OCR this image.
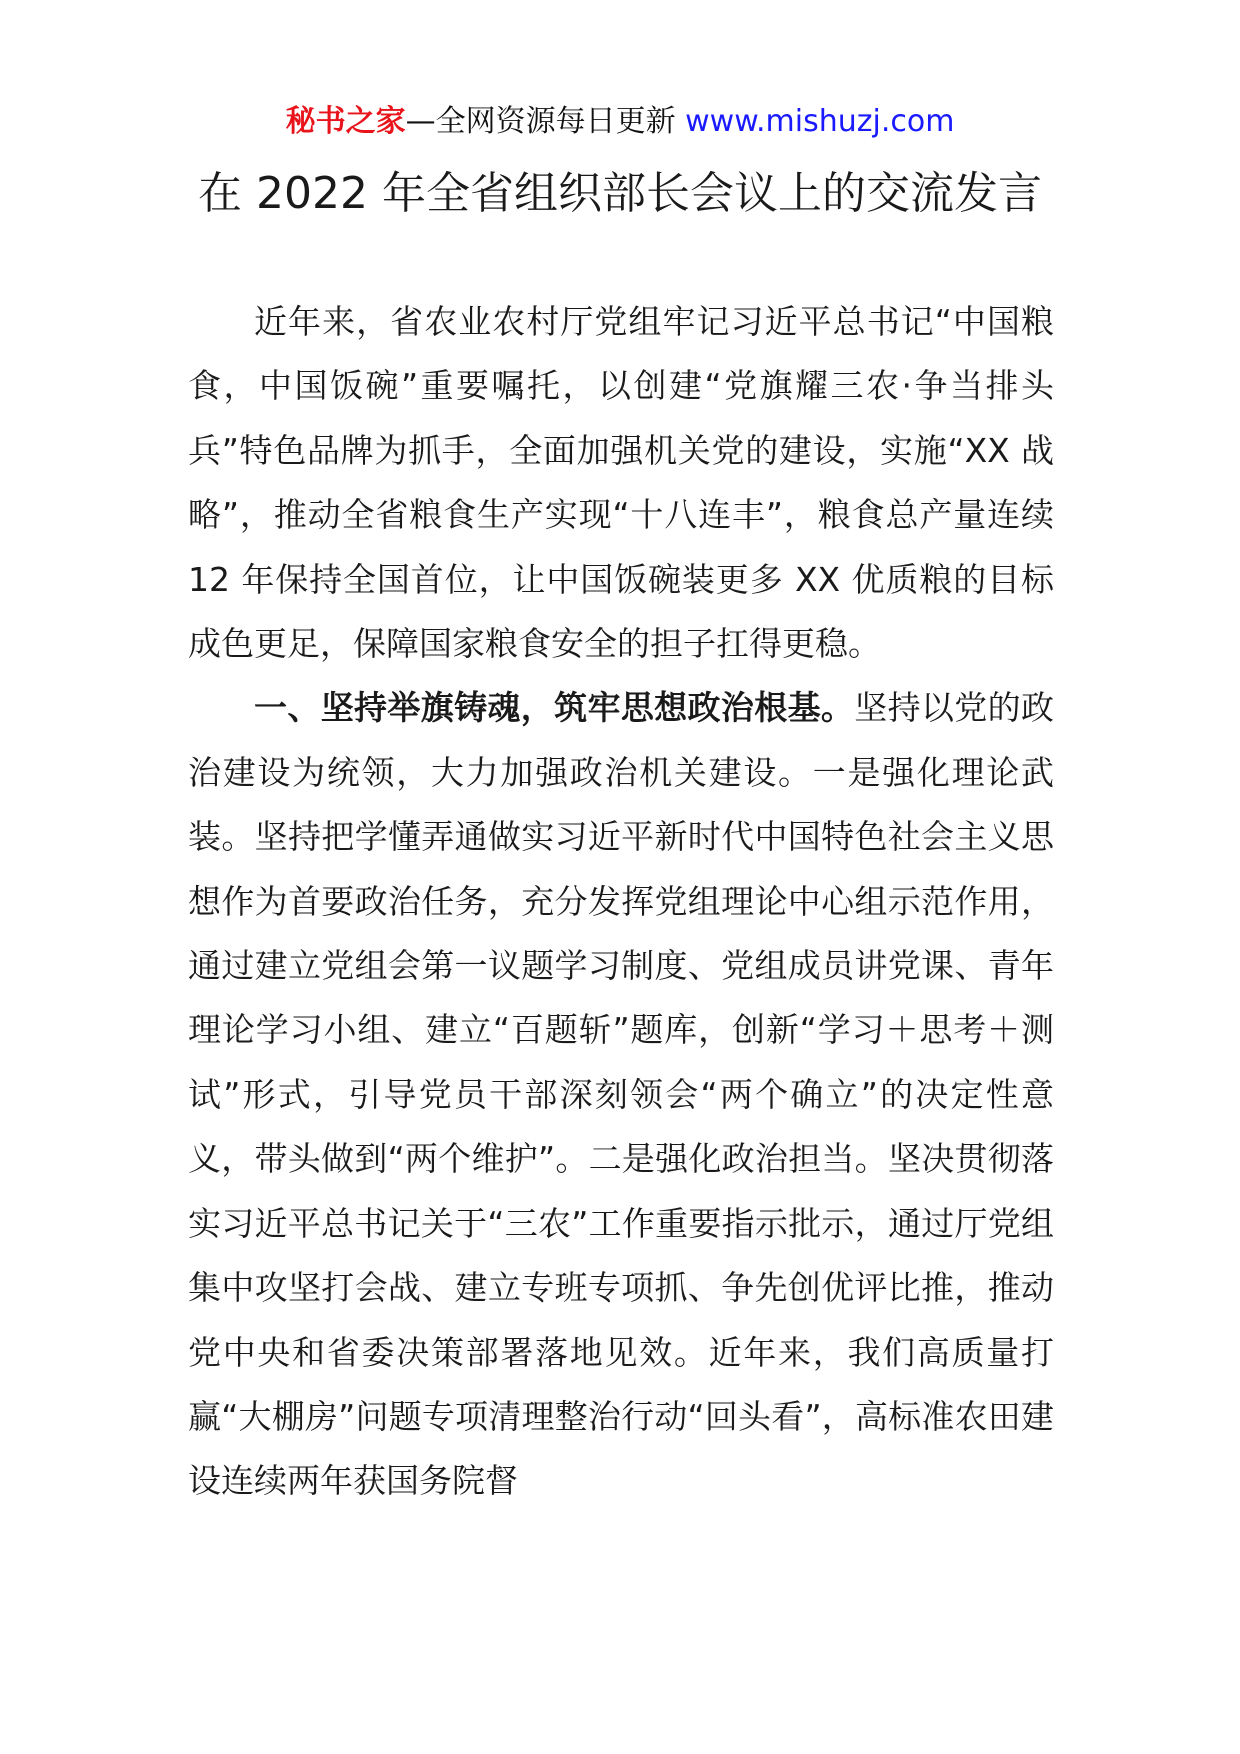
秘书之家—全网资源每日更新 www.mishuzj.com
在 2022 年全省组织部长会议上的交流发言

近年来，省农业农村厅党组牢记习近平总书记“中国粮食，中国饭碗”重要嘱托，以创建“党旗耀三农·争当排头兵”特色品牌为抓手，全面加强机关党的建设，实施“XX 战略”，推动全省粮食生产实现“十八连丰”，粮食总产量连续 12 年保持全国首位，让中国饭碗装更多 XX 优质粮的目标成色更足，保障国家粮食安全的担子扛得更稳。

一、坚持举旗铸魂，筑牢思想政治根基。坚持以党的政治建设为统领，大力加强政治机关建设。一是强化理论武装。坚持把学懂弄通做实习近平新时代中国特色社会主义思想作为首要政治任务，充分发挥党组理论中心组示范作用，通过建立党组会第一议题学习制度、党组成员讲党课、青年理论学习小组、建立“百题斩”题库，创新“学习＋思考＋测试”形式，引导党员干部深刻领会“两个确立”的决定性意义，带头做到“两个维护”。二是强化政治担当。坚决贯彻落实习近平总书记关于“三农”工作重要指示批示，通过厅党组集中攻坚打会战、建立专班专项抓、争先创优评比推，推动党中央和省委决策部署落地见效。近年来，我们高质量打赢“大棚房”问题专项清理整治行动“回头看”，高标准农田建设连续两年获国务院督
